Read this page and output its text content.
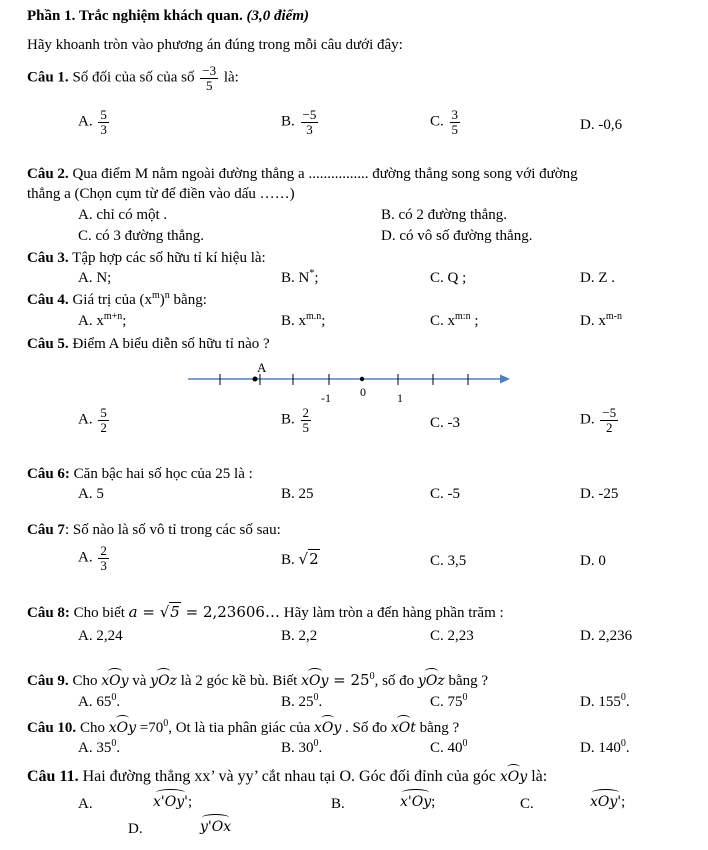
Phần 1. Trắc nghiệm khách quan. (3,0 điểm)
Hãy khoanh tròn vào phương án đúng trong mỗi câu dưới đây:
Câu 1. Số đối của số của số $\frac{-3}{5}$ là:
A. $\frac{5}{3}$	B. $\frac{-5}{3}$	C. $\frac{3}{5}$	D. -0,6
Câu 2. Qua điểm M nằm ngoài đường thẳng a ................ đường thẳng song song với đường
thẳng a (Chọn cụm từ để điền vào dấu ……)
A. chỉ có một .	B. có 2 đường thẳng.
C. có 3 đường thẳng.	D. có vô số đường thẳng.
Câu 3. Tập hợp các số hữu tỉ kí hiệu là:
A. N;	B. N*;	C. Q ;	D. Z .
Câu 4. Giá trị của $(x^m)^n$ bằng:
A. $x^{m+n}$;	B. $x^{m.n}$;	C. $x^{m:n}$ ;	D. $x^{m-n}$
Câu 5. Điểm A biểu diễn số hữu tỉ nào ?
A
-1 0	1
A. $\frac{5}{2}$	B. $\frac{2}{5}$	C. -3	D. $\frac{-5}{2}$
Câu 6: Căn bậc hai số học của 25 là :
A. 5	B. 25	C. -5	D. -25
Câu 7: Số nào là số vô tỉ trong các số sau:
A. $\frac{2}{3}$	B. √2	C. 3,5	D. 0
Câu 8: Cho biết a = √5 = 2,23606… Hãy làm tròn a đến hàng phần trăm :
A. 2,24	B. 2,2	C. 2,23	D. 2,236
Câu 9. Cho xOy và yOz là 2 góc kề bù. Biết xOy = $25^0$, số đo yOz bằng ?
A. $65^0$.	B. $25^0$.	C. $75^0$	D. $155^0$.
Câu 10. Cho xOy $=70^0$, Ot là tia phân giác của xOy . Số đo xOt bằng ?
A. $35^0$.	B. $30^0$.	C. $40^0$	D. $140^0$.
Câu 11. Hai đường thẳng xx’ và yy’ cắt nhau tại O. Góc đối đỉnh của góc xOy là:
A.	x'Oy';	B.	x'Oy;	C.	xOy';
D.	y'Ox
